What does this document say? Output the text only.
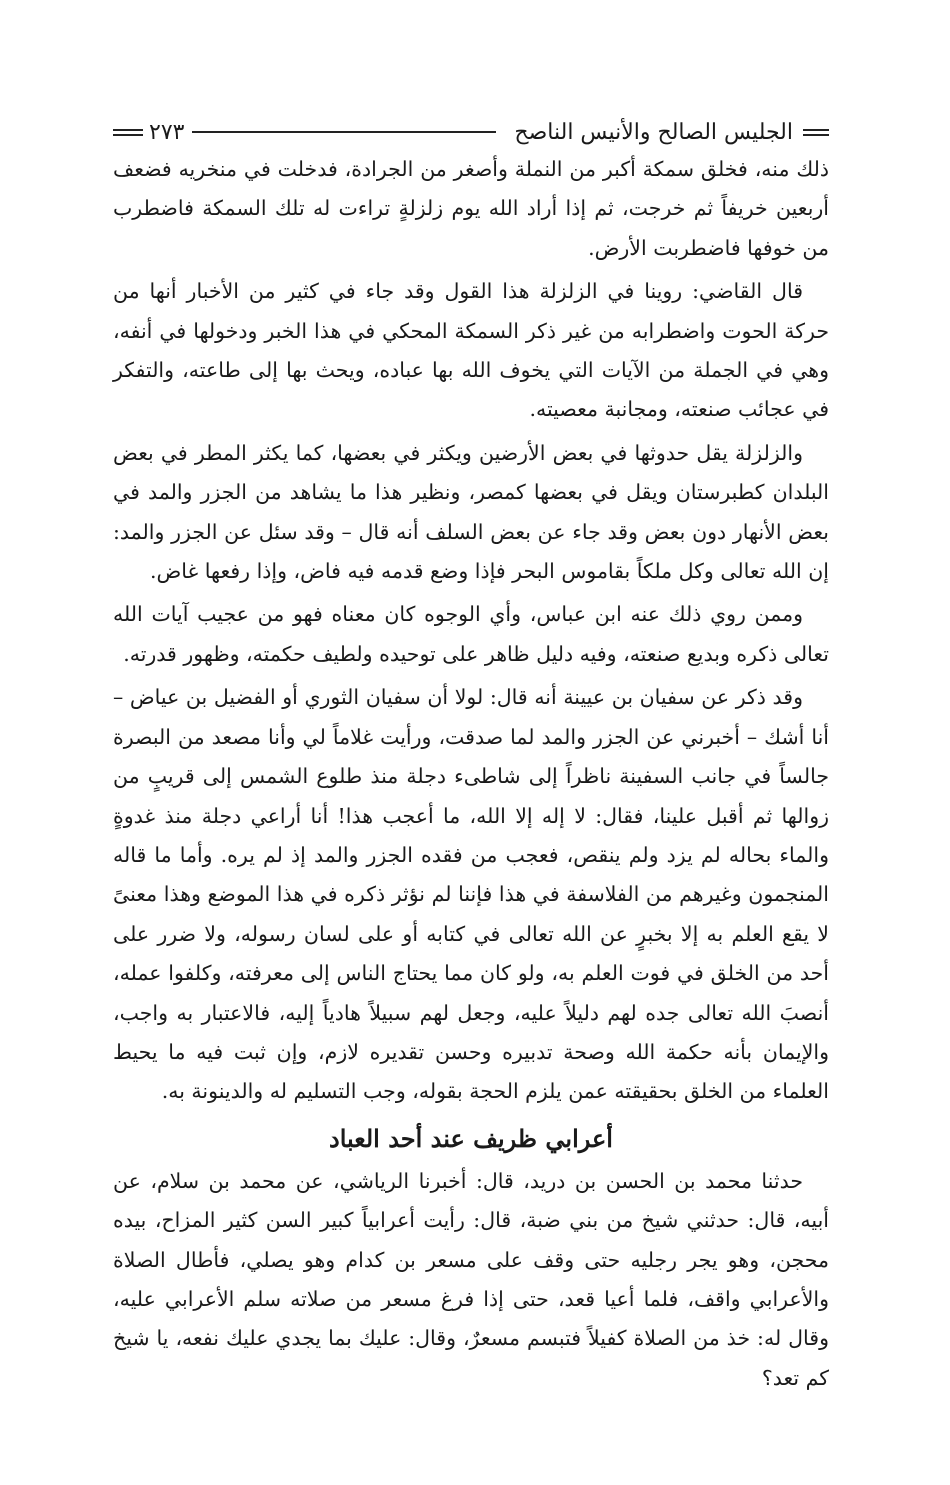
الجليس الصالح والأنيس الناصح
٢٧٣

ذلك منه، فخلق سمكة أكبر من النملة وأصغر من الجرادة، فدخلت في منخريه فضعف أربعين خريفاً ثم خرجت، ثم إذا أراد الله يوم زلزلةٍ تراءت له تلك السمكة فاضطرب من خوفها فاضطربت الأرض.

قال القاضي: روينا في الزلزلة هذا القول وقد جاء في كثير من الأخبار أنها من حركة الحوت واضطرابه من غير ذكر السمكة المحكي في هذا الخبر ودخولها في أنفه، وهي في الجملة من الآيات التي يخوف الله بها عباده، ويحث بها إلى طاعته، والتفكر في عجائب صنعته، ومجانبة معصيته.

والزلزلة يقل حدوثها في بعض الأرضين ويكثر في بعضها، كما يكثر المطر في بعض البلدان كطبرستان ويقل في بعضها كمصر، ونظير هذا ما يشاهد من الجزر والمد في بعض الأنهار دون بعض وقد جاء عن بعض السلف أنه قال – وقد سئل عن الجزر والمد: إن الله تعالى وكل ملكاً بقاموس البحر فإذا وضع قدمه فيه فاض، وإذا رفعها غاض.

وممن روي ذلك عنه ابن عباس، وأي الوجوه كان معناه فهو من عجيب آيات الله تعالى ذكره وبديع صنعته، وفيه دليل ظاهر على توحيده ولطيف حكمته، وظهور قدرته.

وقد ذكر عن سفيان بن عيينة أنه قال: لولا أن سفيان الثوري أو الفضيل بن عياض – أنا أشك – أخبرني عن الجزر والمد لما صدقت، ورأيت غلاماً لي وأنا مصعد من البصرة جالساً في جانب السفينة ناظراً إلى شاطىء دجلة منذ طلوع الشمس إلى قريبٍ من زوالها ثم أقبل علينا، فقال: لا إله إلا الله، ما أعجب هذا! أنا أراعي دجلة منذ غدوةٍ والماء بحاله لم يزد ولم ينقص، فعجب من فقده الجزر والمد إذ لم يره. وأما ما قاله المنجمون وغيرهم من الفلاسفة في هذا فإننا لم نؤثر ذكره في هذا الموضع وهذا معنىً لا يقع العلم به إلا بخبرٍ عن الله تعالى في كتابه أو على لسان رسوله، ولا ضرر على أحد من الخلق في فوت العلم به، ولو كان مما يحتاج الناس إلى معرفته، وكلفوا عمله، أنصبَ الله تعالى جده لهم دليلاً عليه، وجعل لهم سبيلاً هادياً إليه، فالاعتبار به واجب، والإيمان بأنه حكمة الله وصحة تدبيره وحسن تقديره لازم، وإن ثبت فيه ما يحيط العلماء من الخلق بحقيقته عمن يلزم الحجة بقوله، وجب التسليم له والدينونة به.

أعرابي ظريف عند أحد العباد

حدثنا محمد بن الحسن بن دريد، قال: أخبرنا الرياشي، عن محمد بن سلام، عن أبيه، قال: حدثني شيخ من بني ضبة، قال: رأيت أعرابياً كبير السن كثير المزاح، بيده محجن، وهو يجر رجليه حتى وقف على مسعر بن كدام وهو يصلي، فأطال الصلاة والأعرابي واقف، فلما أعيا قعد، حتى إذا فرغ مسعر من صلاته سلم الأعرابي عليه، وقال له: خذ من الصلاة كفيلاً فتبسم مسعرٌ، وقال: عليك بما يجدي عليك نفعه، يا شيخ كم تعد؟
